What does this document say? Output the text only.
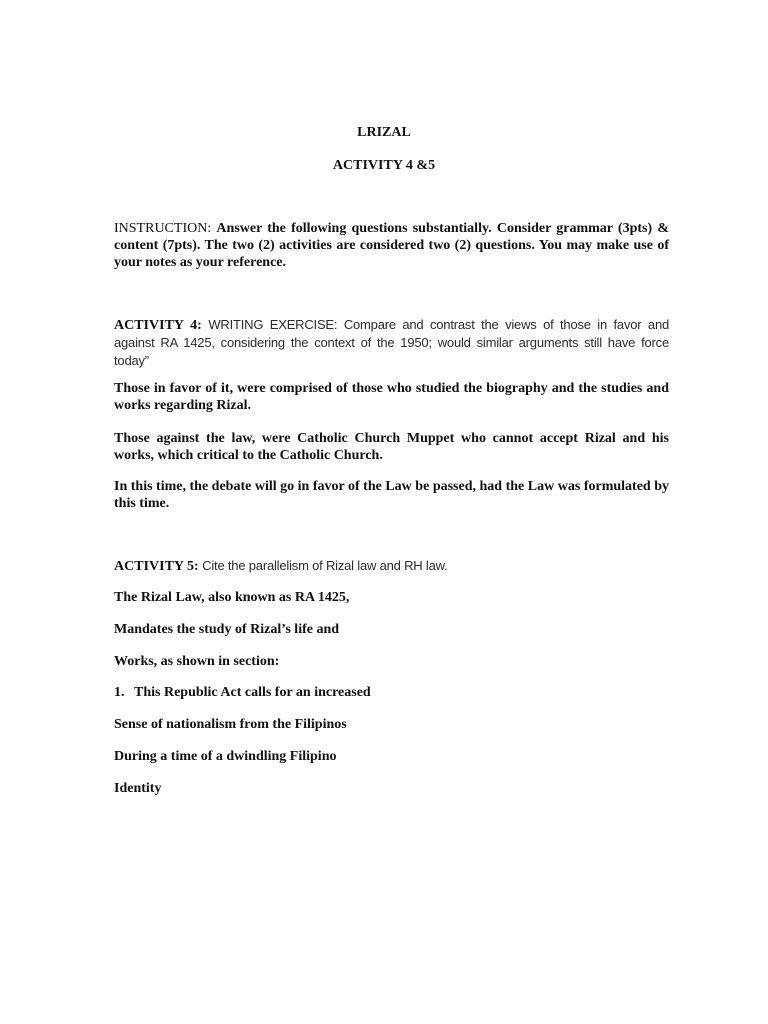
LRIZAL
ACTIVITY 4 &5
INSTRUCTION: Answer the following questions substantially. Consider grammar (3pts) & content (7pts). The two (2) activities are considered two (2) questions. You may make use of your notes as your reference.
ACTIVITY 4: WRITING EXERCISE: Compare and contrast the views of those in favor and against RA 1425, considering the context of the 1950; would similar arguments still have force today”
Those in favor of it, were comprised of those who studied the biography and the studies and works regarding Rizal.
Those against the law, were Catholic Church Muppet who cannot accept Rizal and his works, which critical to the Catholic Church.
In this time, the debate will go in favor of the Law be passed, had the Law was formulated by this time.
ACTIVITY 5: Cite the parallelism of Rizal law and RH law.
The Rizal Law, also known as RA 1425,
Mandates the study of Rizal’s life and
Works, as shown in section:
1. This Republic Act calls for an increased
Sense of nationalism from the Filipinos
During a time of a dwindling Filipino
Identity
